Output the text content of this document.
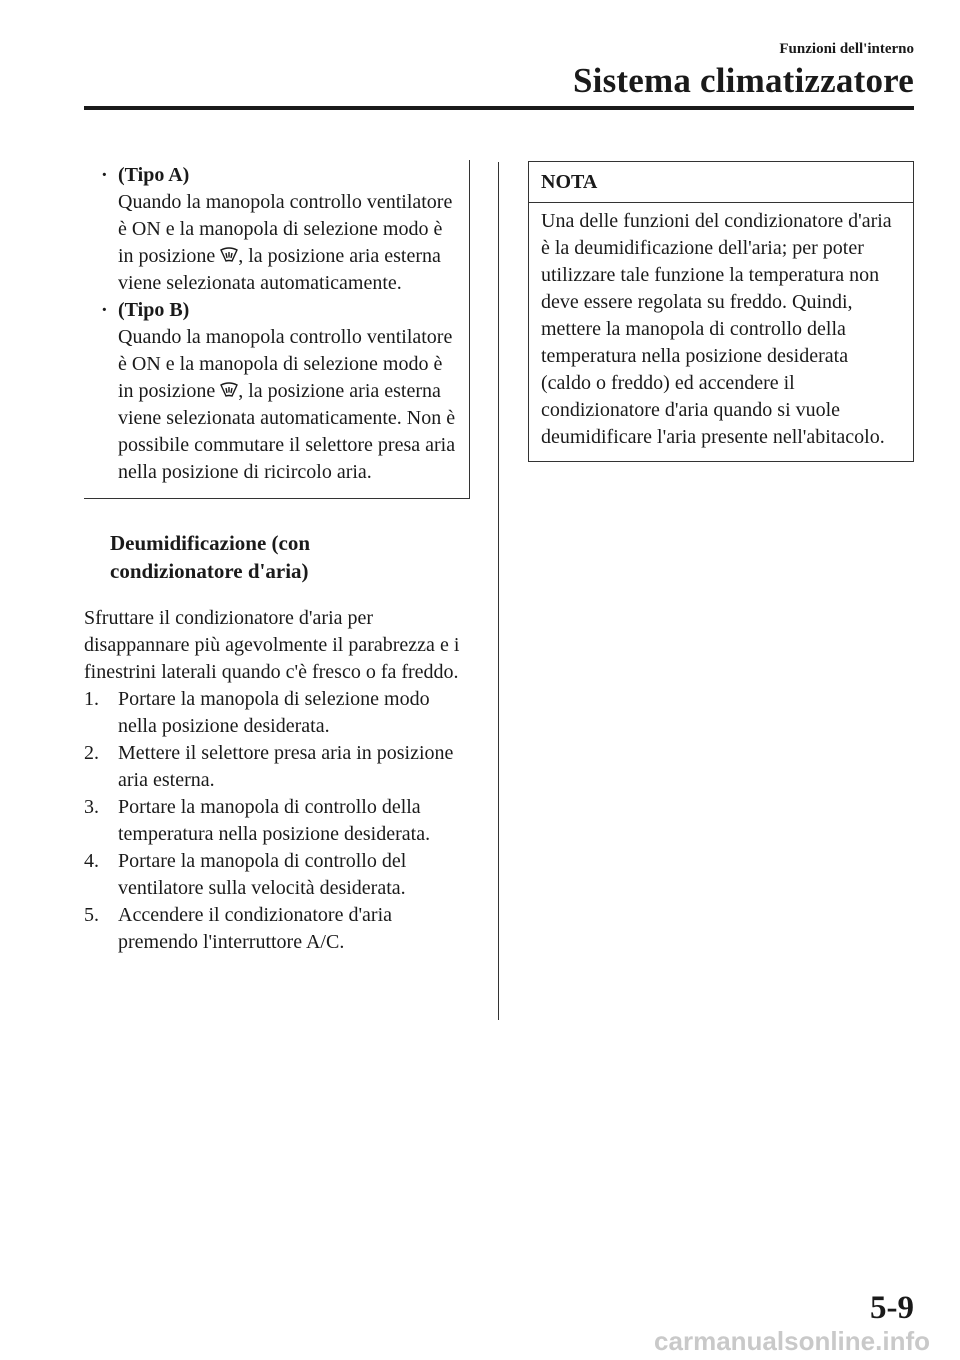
Funzioni dell'interno
Sistema climatizzatore
· (Tipo A)
Quando la manopola controllo ventilatore è ON e la manopola di selezione modo è in posizione , la posizione aria esterna viene selezionata automaticamente.
· (Tipo B)
Quando la manopola controllo ventilatore è ON e la manopola di selezione modo è in posizione , la posizione aria esterna viene selezionata automaticamente. Non è possibile commutare il selettore presa aria nella posizione di ricircolo aria.
Deumidificazione (con
condizionatore d'aria)
Sfruttare il condizionatore d'aria per disappannare più agevolmente il parabrezza e i finestrini laterali quando c'è fresco o fa freddo.
1. Portare la manopola di selezione modo nella posizione desiderata.
2. Mettere il selettore presa aria in posizione aria esterna.
3. Portare la manopola di controllo della temperatura nella posizione desiderata.
4. Portare la manopola di controllo del ventilatore sulla velocità desiderata.
5. Accendere il condizionatore d'aria premendo l'interruttore A/C.
NOTA
Una delle funzioni del condizionatore d'aria è la deumidificazione dell'aria; per poter utilizzare tale funzione la temperatura non deve essere regolata su freddo. Quindi, mettere la manopola di controllo della temperatura nella posizione desiderata (caldo o freddo) ed accendere il condizionatore d'aria quando si vuole deumidificare l'aria presente nell'abitacolo.
5-9
carmanualsonline.info
